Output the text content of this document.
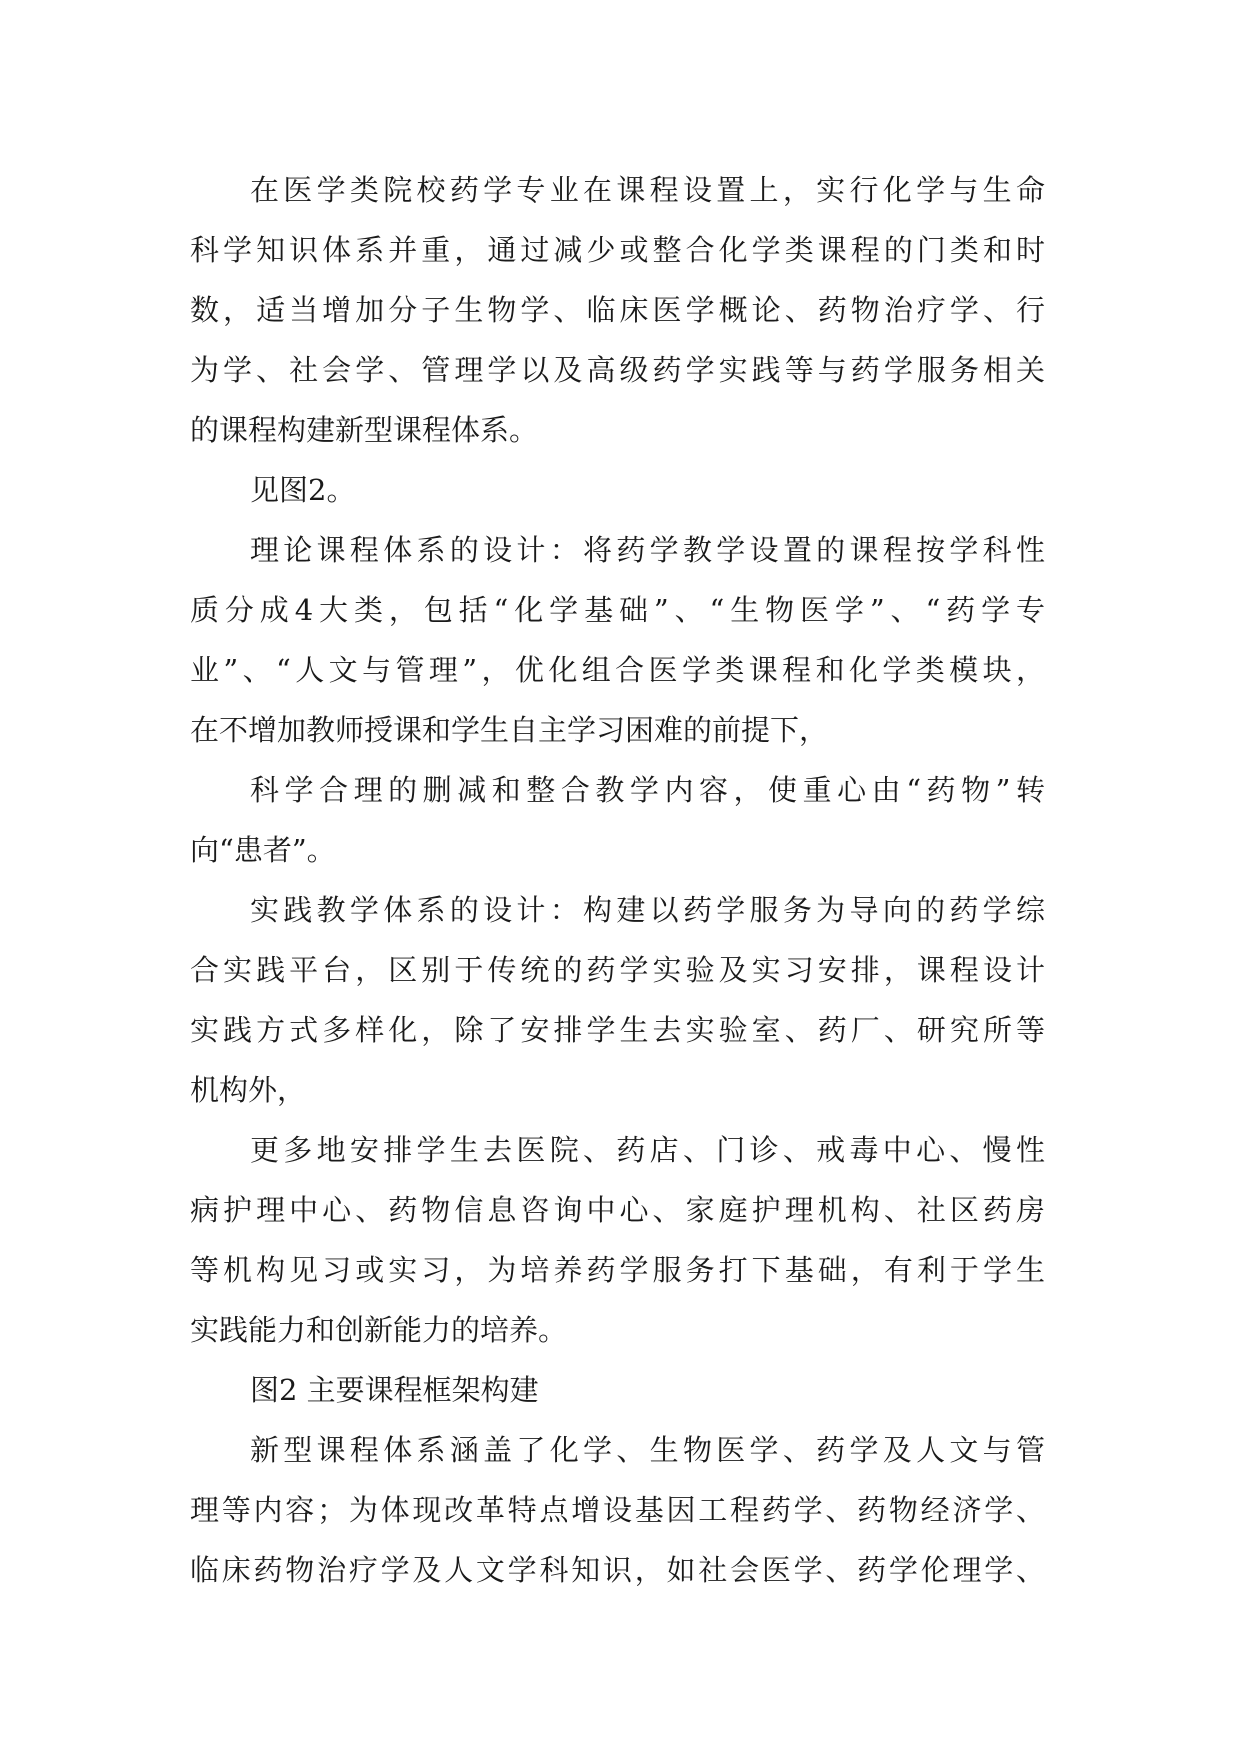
在医学类院校药学专业在课程设置上，实行化学与生命
科学知识体系并重，通过减少或整合化学类课程的门类和时
数，适当增加分子生物学、临床医学概论、药物治疗学、行
为学、社会学、管理学以及高级药学实践等与药学服务相关
的课程构建新型课程体系。
见图2。
理论课程体系的设计：将药学教学设置的课程按学科性
质分成4大类，包括“化学基础”、“生物医学”、“药学专
业”、“人文与管理”，优化组合医学类课程和化学类模块，
在不增加教师授课和学生自主学习困难的前提下，
科学合理的删减和整合教学内容，使重心由“药物”转
向“患者”。
实践教学体系的设计：构建以药学服务为导向的药学综
合实践平台，区别于传统的药学实验及实习安排，课程设计
实践方式多样化，除了安排学生去实验室、药厂、研究所等
机构外，
更多地安排学生去医院、药店、门诊、戒毒中心、慢性
病护理中心、药物信息咨询中心、家庭护理机构、社区药房
等机构见习或实习，为培养药学服务打下基础，有利于学生
实践能力和创新能力的培养。
图2 主要课程框架构建
新型课程体系涵盖了化学、生物医学、药学及人文与管
理等内容；为体现改革特点增设基因工程药学、药物经济学、
临床药物治疗学及人文学科知识，如社会医学、药学伦理学、
